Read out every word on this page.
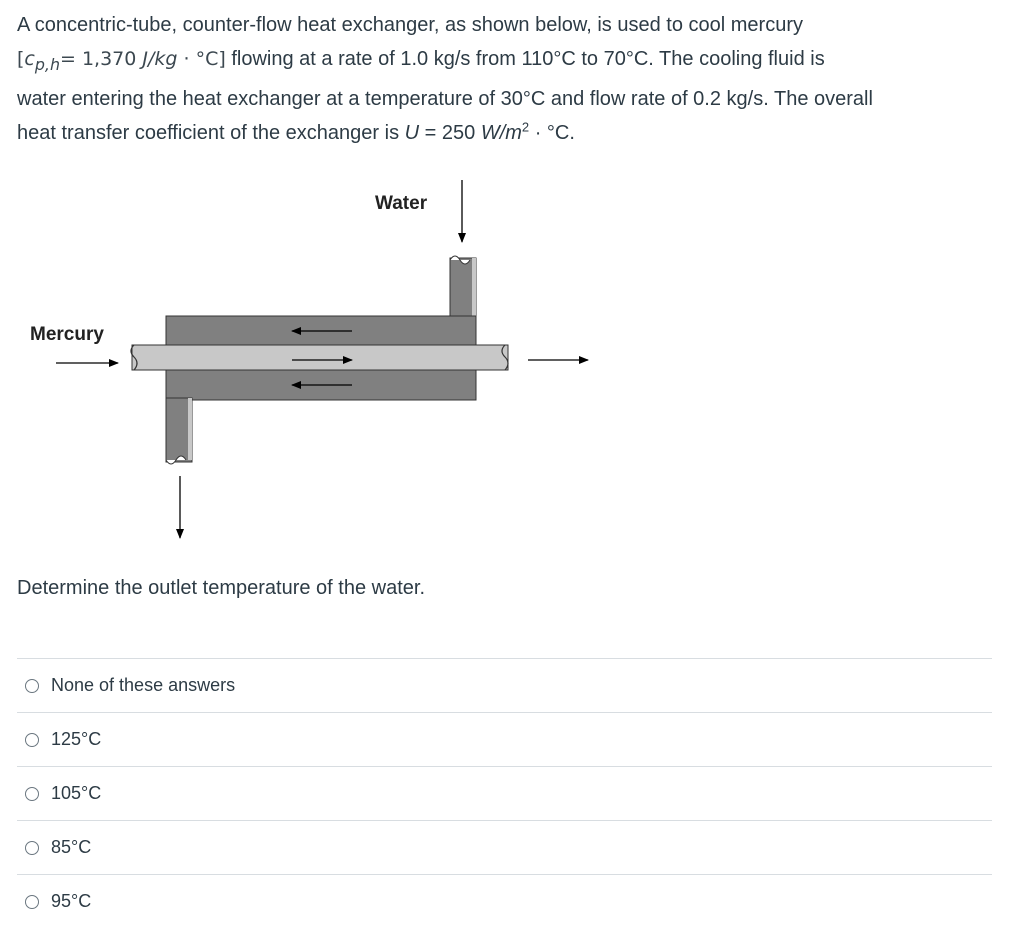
A concentric-tube, counter-flow heat exchanger, as shown below, is used to cool mercury
[$c_{p,h}= 1,370$ J/kg · °C] flowing at a rate of 1.0 kg/s from 110°C to 70°C. The cooling fluid is
water entering the heat exchanger at a temperature of 30°C and flow rate of 0.2 kg/s. The overall
heat transfer coefficient of the exchanger is U = 250 $W/m^2 \cdot ^\circ C$.
Water
Mercury
Determine the outlet temperature of the water.
None of these answers
125°C
105°C
85°C
95°C
